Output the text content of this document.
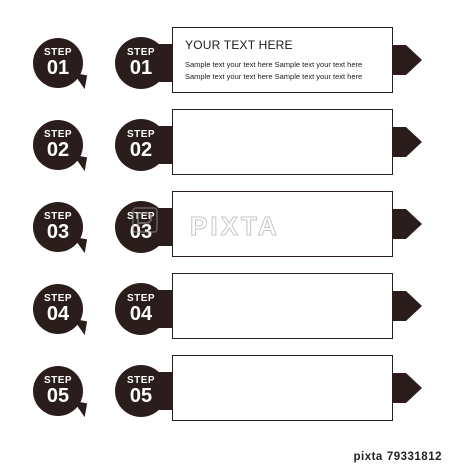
STEP
01
STEP
01
YOUR TEXT HERE
Sample text your text here Sample text your text here
Sample text your text here Sample text your text here
STEP
02
STEP
02
STEP
03
STEP
03
STEP
04
STEP
04
STEP
05
STEP
05
PIXTA
pixta 79331812
